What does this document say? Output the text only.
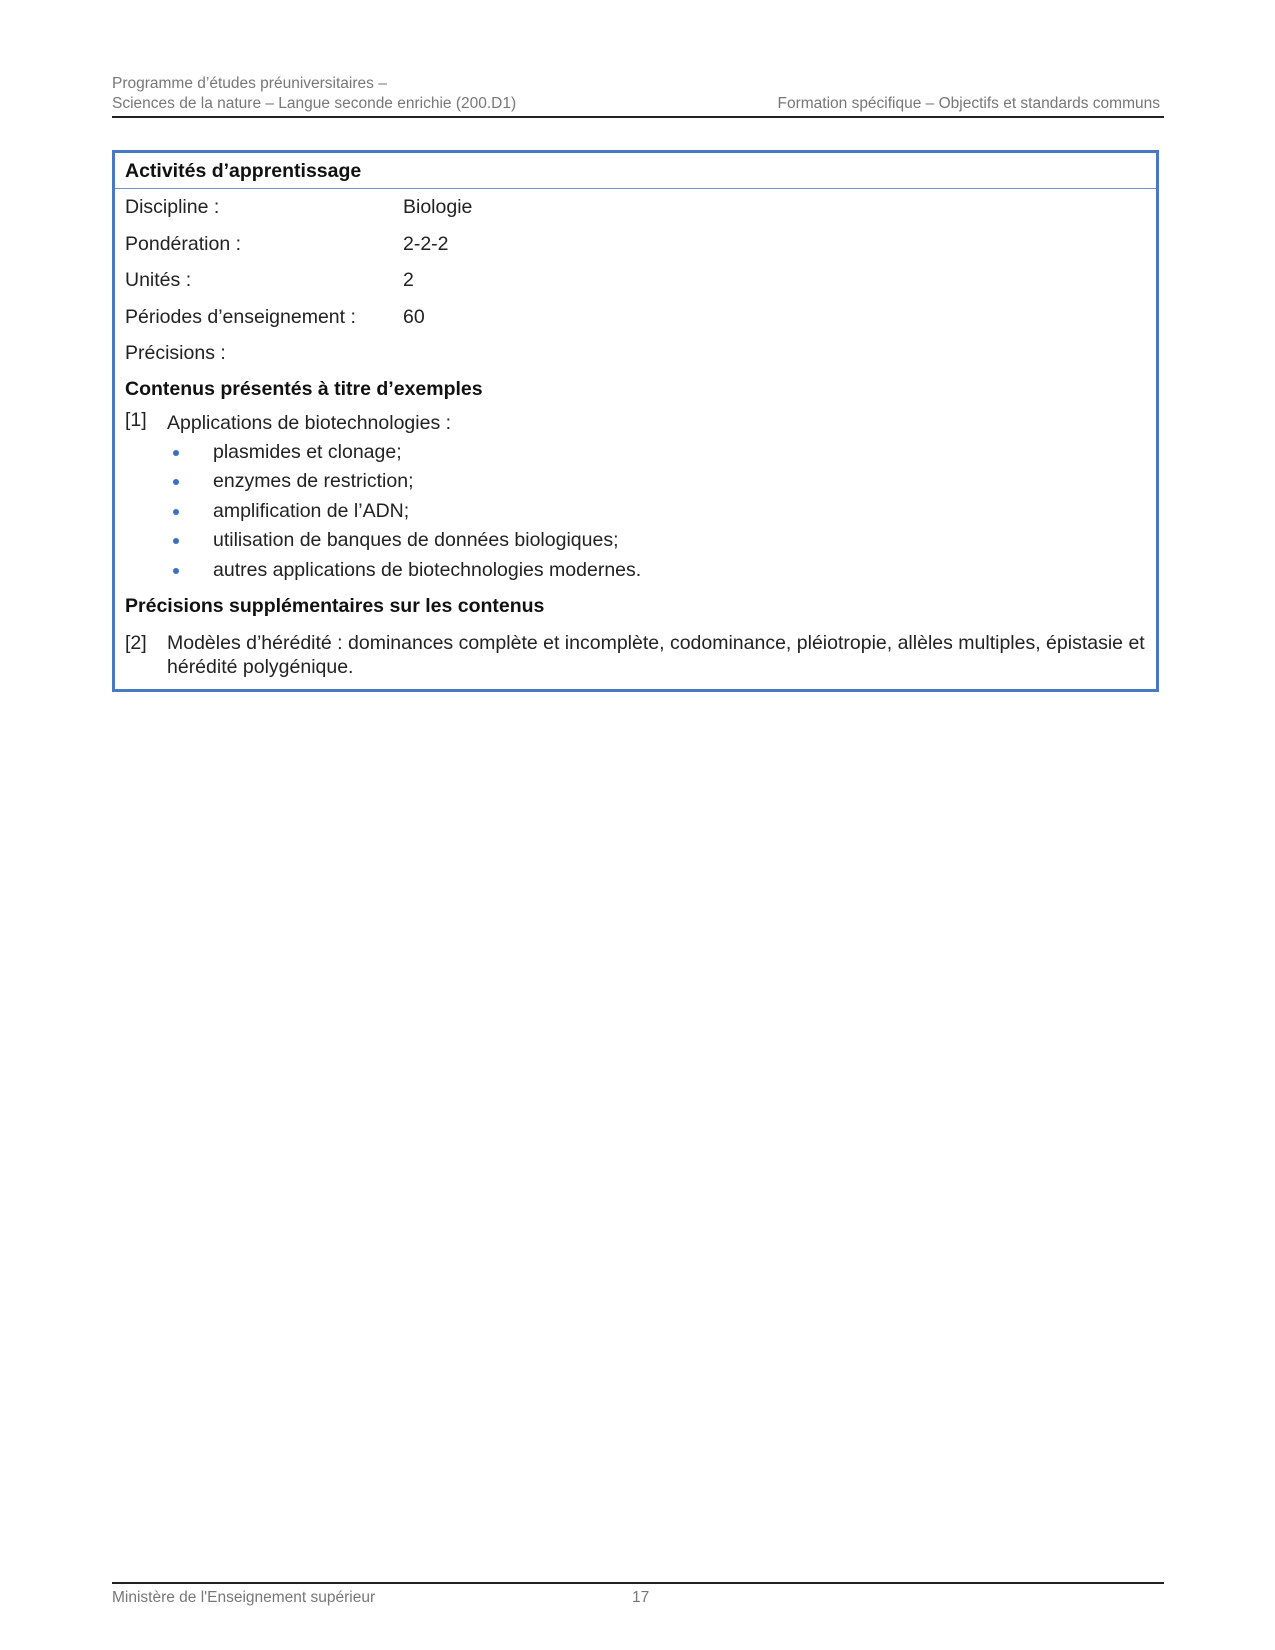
Programme d’études préuniversitaires –
Sciences de la nature – Langue seconde enrichie (200.D1)	Formation spécifique – Objectifs et standards communs
Activités d’apprentissage
Discipline :	Biologie
Pondération :	2-2-2
Unités :	2
Périodes d’enseignement : 60
Précisions :
Contenus présentés à titre d’exemples
[1] Applications de biotechnologies :
plasmides et clonage;
enzymes de restriction;
amplification de l’ADN;
utilisation de banques de données biologiques;
autres applications de biotechnologies modernes.
Précisions supplémentaires sur les contenus
[2] Modèles d’hérédité : dominances complète et incomplète, codominance, pléiotropie, allèles multiples, épistasie et hérédité polygénique.
Ministère de l'Enseignement supérieur	17
